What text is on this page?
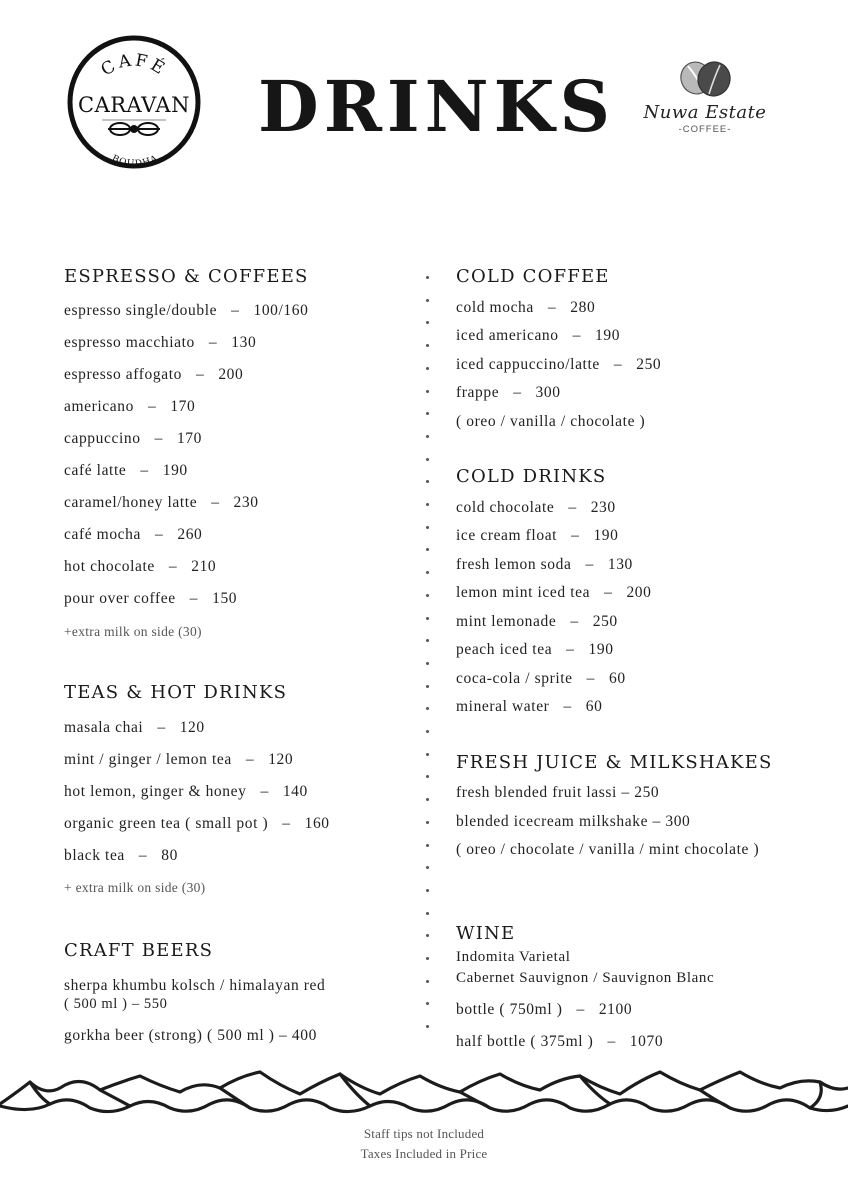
CAFÉ
CARAVAN
BOUDHA
DRINKS Nuwa Estate
-COFFEE-
ESPRESSO & COFFEES
espresso single/double – 100/160
espresso macchiato – 130
espresso affogato – 200
americano – 170
cappuccino – 170
café latte – 190
caramel/honey latte – 230
café mocha – 260
hot chocolate – 210
pour over coffee – 150
+extra milk on side (30)
TEAS & HOT DRINKS
masala chai – 120
mint / ginger / lemon tea – 120
hot lemon, ginger & honey – 140
organic green tea ( small pot ) – 160
black tea – 80
+ extra milk on side (30)
CRAFT BEERS
sherpa khumbu kolsch / himalayan red
( 500 ml ) – 550
gorkha beer (strong) ( 500 ml ) – 400
COLD COFFEE
cold mocha – 280
iced americano – 190
iced cappuccino/latte – 250
frappe – 300
( oreo / vanilla / chocolate )
COLD DRINKS
cold chocolate – 230
ice cream float – 190
fresh lemon soda – 130
lemon mint iced tea – 200
mint lemonade – 250
peach iced tea – 190
coca-cola / sprite – 60
mineral water – 60
FRESH JUICE & MILKSHAKES
fresh blended fruit lassi – 250
blended icecream milkshake – 300
( oreo / chocolate / vanilla / mint chocolate )
WINE
Indomita Varietal
Cabernet Sauvignon / Sauvignon Blanc
bottle ( 750ml ) – 2100
half bottle ( 375ml ) – 1070
Staff tips not Included
Taxes Included in Price
